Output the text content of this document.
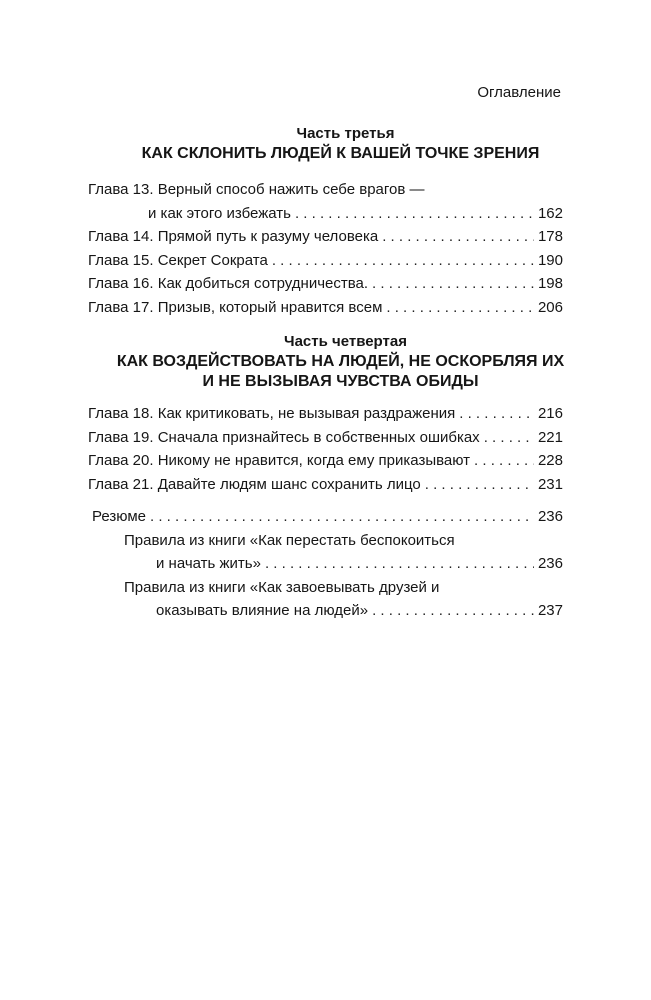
Оглавление
Часть третья
КАК СКЛОНИТЬ ЛЮДЕЙ К ВАШЕЙ ТОЧКЕ ЗРЕНИЯ
Глава 13. Верный способ нажить себе врагов —
и как этого избежать . . .	162
Глава 14. Прямой путь к разуму человека . . .	178
Глава 15. Секрет Сократа . . .	190
Глава 16. Как добиться сотрудничества. . . .	198
Глава 17. Призыв, который нравится всем . . .	206
Часть четвертая
КАК ВОЗДЕЙСТВОВАТЬ НА ЛЮДЕЙ, НЕ ОСКОРБЛЯЯ ИХ
И НЕ ВЫЗЫВАЯ ЧУВСТВА ОБИДЫ
Глава 18. Как критиковать, не вызывая раздражения . . .	216
Глава 19. Сначала признайтесь в собственных ошибках . . .	221
Глава 20. Никому не нравится, когда ему приказывают . . .	228
Глава 21. Давайте людям шанс сохранить лицо . . .	231
Резюме . . .	236
Правила из книги «Как перестать беспокоиться
и начать жить» . . .	236
Правила из книги «Как завоевывать друзей и
оказывать влияние на людей» . . .	237
